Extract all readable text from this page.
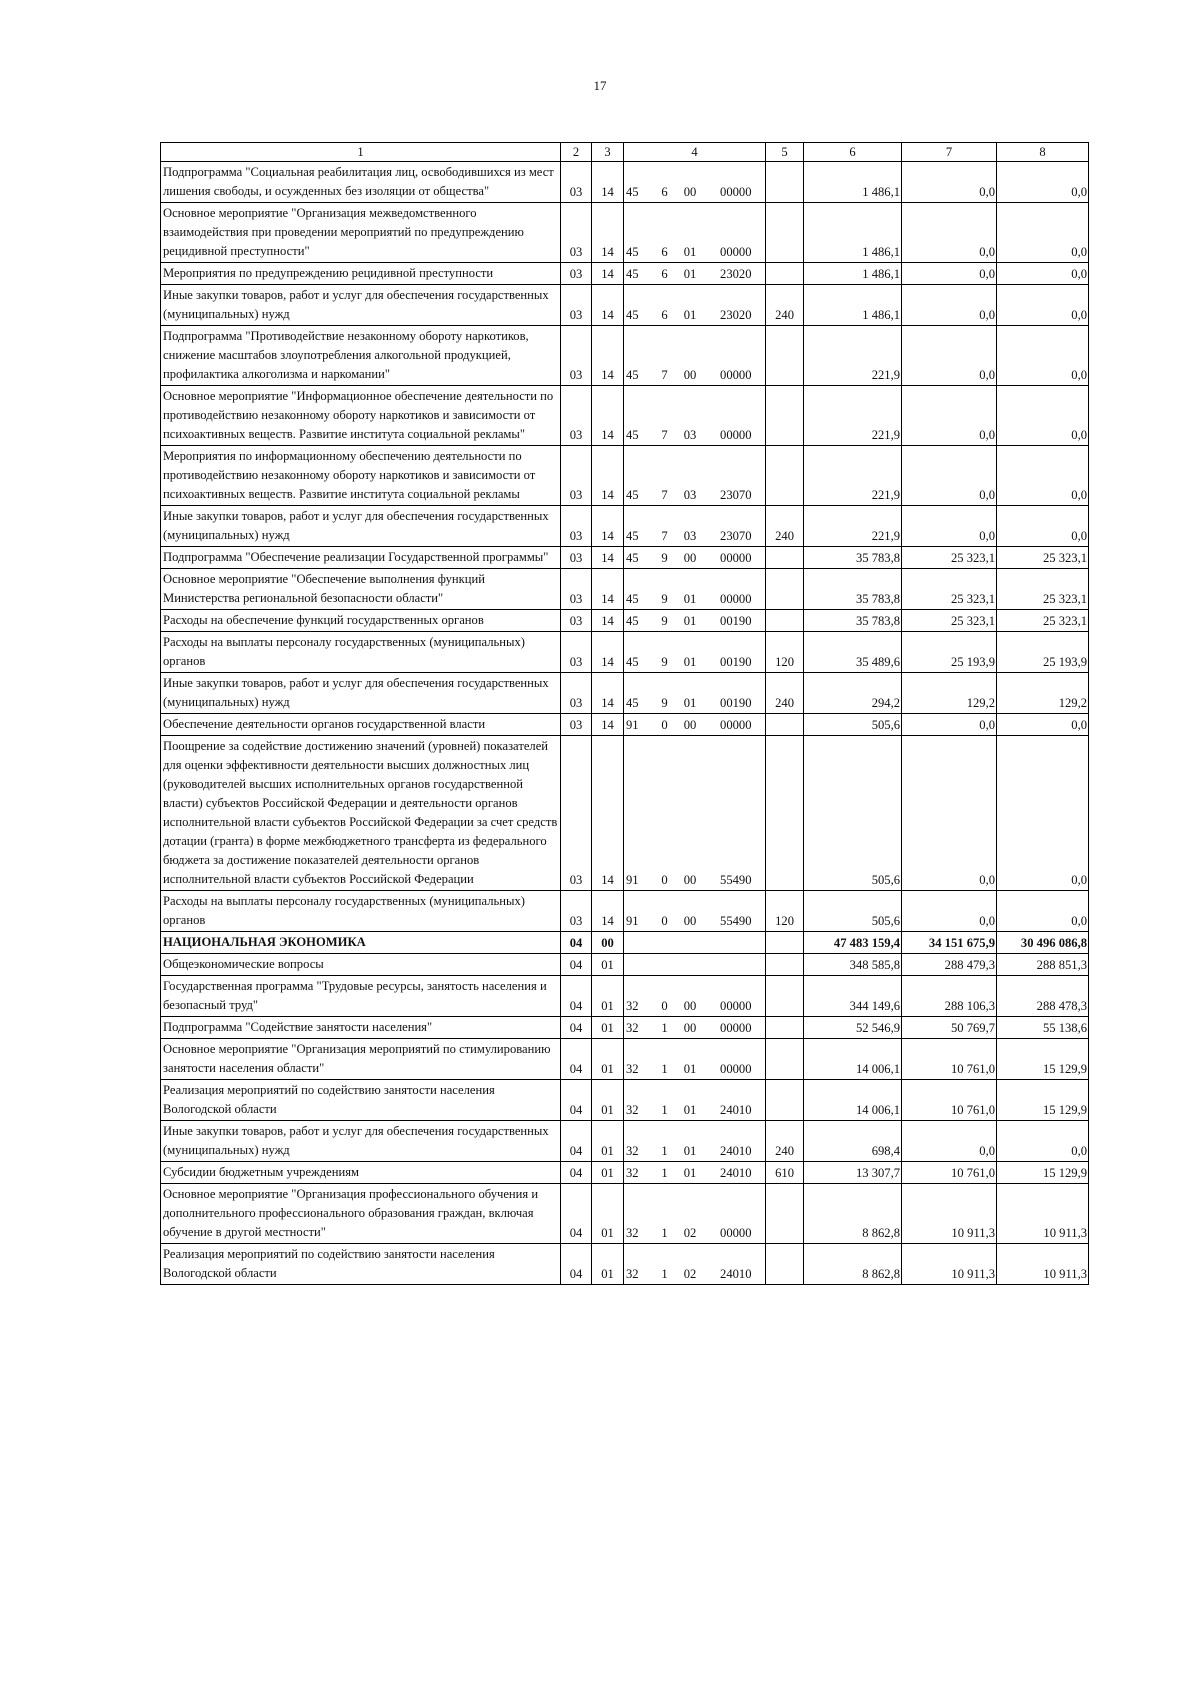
17
1	2	3	4				5	6	7	8
Подпрограмма "Социальная реабилитация лиц, освободившихся из мест лишения свободы, и осужденных без изоляции от общества"	03	14	45	6	00	00000		1 486,1	0,0	0,0
Основное мероприятие "Организация межведомственного взаимодействия при проведении мероприятий по предупреждению рецидивной преступности"	03	14	45	6	01	00000		1 486,1	0,0	0,0
Мероприятия по предупреждению рецидивной преступности	03	14	45	6	01	23020		1 486,1	0,0	0,0
Иные закупки товаров, работ и услуг для обеспечения государственных (муниципальных) нужд	03	14	45	6	01	23020	240	1 486,1	0,0	0,0
Подпрограмма "Противодействие незаконному обороту наркотиков, снижение масштабов злоупотребления алкогольной продукцией, профилактика алкоголизма и наркомании"	03	14	45	7	00	00000		221,9	0,0	0,0
Основное мероприятие "Информационное обеспечение деятельности по противодействию незаконному обороту наркотиков и зависимости от психоактивных веществ. Развитие института социальной рекламы"	03	14	45	7	03	00000		221,9	0,0	0,0
Мероприятия по информационному обеспечению деятельности по противодействию незаконному обороту наркотиков и зависимости от психоактивных веществ. Развитие института социальной рекламы	03	14	45	7	03	23070		221,9	0,0	0,0
Иные закупки товаров, работ и услуг для обеспечения государственных (муниципальных) нужд	03	14	45	7	03	23070	240	221,9	0,0	0,0
Подпрограмма "Обеспечение реализации Государственной программы"	03	14	45	9	00	00000		35 783,8	25 323,1	25 323,1
Основное мероприятие "Обеспечение выполнения функций Министерства региональной безопасности области"	03	14	45	9	01	00000		35 783,8	25 323,1	25 323,1
Расходы на обеспечение функций государственных органов	03	14	45	9	01	00190		35 783,8	25 323,1	25 323,1
Расходы на выплаты персоналу государственных (муниципальных) органов	03	14	45	9	01	00190	120	35 489,6	25 193,9	25 193,9
Иные закупки товаров, работ и услуг для обеспечения государственных (муниципальных) нужд	03	14	45	9	01	00190	240	294,2	129,2	129,2
Обеспечение деятельности органов государственной власти	03	14	91	0	00	00000		505,6	0,0	0,0
Поощрение за содействие достижению значений (уровней) показателей для оценки эффективности деятельности высших должностных лиц (руководителей высших исполнительных органов государственной власти) субъектов Российской Федерации и деятельности органов исполнительной власти субъектов Российской Федерации за счет средств дотации (гранта) в форме межбюджетного трансферта из федерального бюджета за достижение показателей деятельности органов исполнительной власти субъектов Российской Федерации	03	14	91	0	00	55490		505,6	0,0	0,0
Расходы на выплаты персоналу государственных (муниципальных) органов	03	14	91	0	00	55490	120	505,6	0,0	0,0
НАЦИОНАЛЬНАЯ ЭКОНОМИКА	04	00						47 483 159,4	34 151 675,9	30 496 086,8
Общеэкономические вопросы	04	01						348 585,8	288 479,3	288 851,3
Государственная программа "Трудовые ресурсы, занятость населения и безопасный труд"	04	01	32	0	00	00000		344 149,6	288 106,3	288 478,3
Подпрограмма "Содействие занятости населения"	04	01	32	1	00	00000		52 546,9	50 769,7	55 138,6
Основное мероприятие "Организация мероприятий по стимулированию занятости населения области"	04	01	32	1	01	00000		14 006,1	10 761,0	15 129,9
Реализация мероприятий по содействию занятости населения Вологодской области	04	01	32	1	01	24010		14 006,1	10 761,0	15 129,9
Иные закупки товаров, работ и услуг для обеспечения государственных (муниципальных) нужд	04	01	32	1	01	24010	240	698,4	0,0	0,0
Субсидии бюджетным учреждениям	04	01	32	1	01	24010	610	13 307,7	10 761,0	15 129,9
Основное мероприятие "Организация профессионального обучения и дополнительного профессионального образования граждан, включая обучение в другой местности"	04	01	32	1	02	00000		8 862,8	10 911,3	10 911,3
Реализация мероприятий по содействию занятости населения Вологодской области	04	01	32	1	02	24010		8 862,8	10 911,3	10 911,3
